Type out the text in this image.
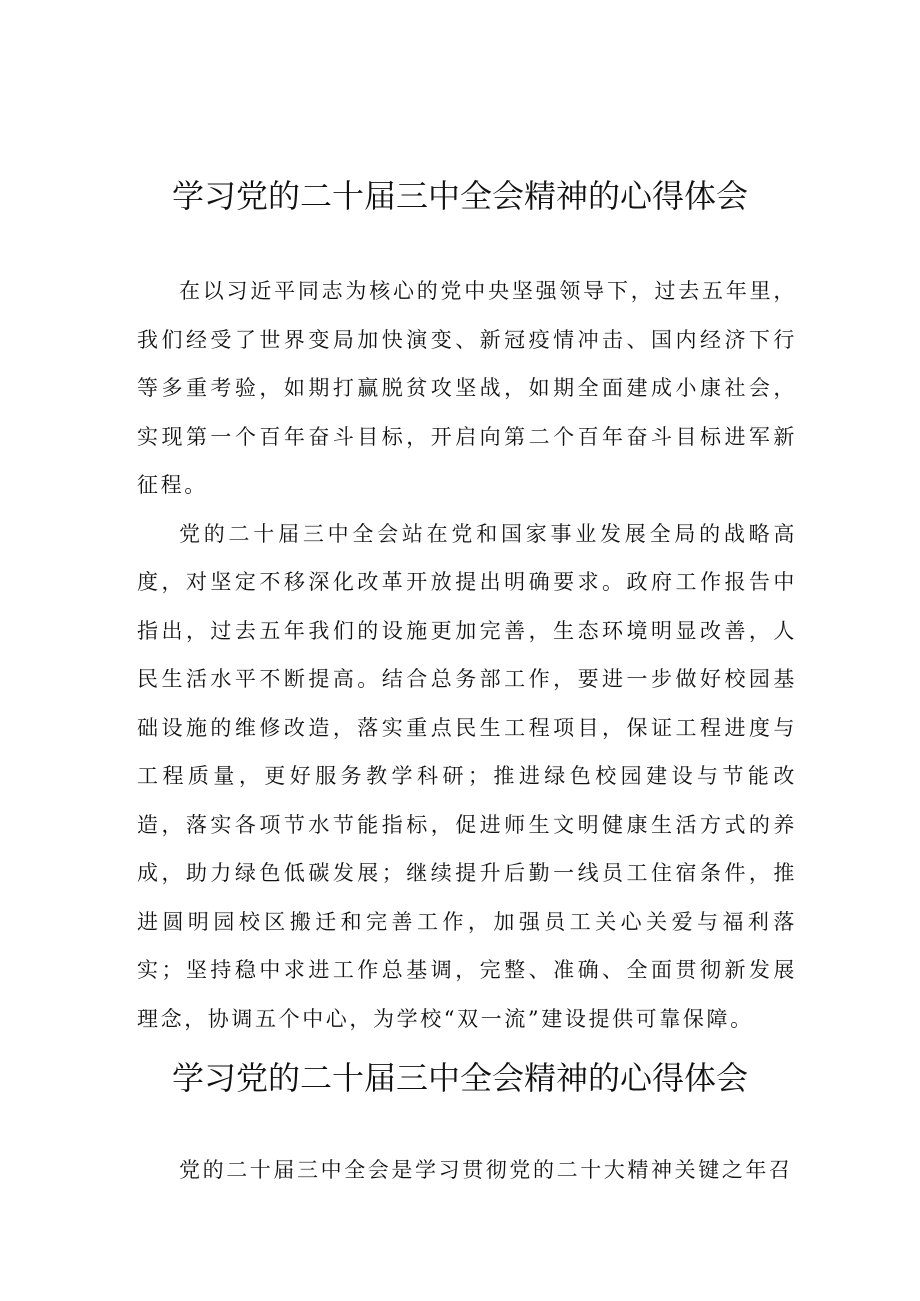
学习党的二十届三中全会精神的心得体会

在以习近平同志为核心的党中央坚强领导下，过去五年里，我们经受了世界变局加快演变、新冠疫情冲击、国内经济下行等多重考验，如期打赢脱贫攻坚战，如期全面建成小康社会，实现第一个百年奋斗目标，开启向第二个百年奋斗目标进军新征程。

党的二十届三中全会站在党和国家事业发展全局的战略高度，对坚定不移深化改革开放提出明确要求。政府工作报告中指出，过去五年我们的设施更加完善，生态环境明显改善，人民生活水平不断提高。结合总务部工作，要进一步做好校园基础设施的维修改造，落实重点民生工程项目，保证工程进度与工程质量，更好服务教学科研；推进绿色校园建设与节能改造，落实各项节水节能指标，促进师生文明健康生活方式的养成，助力绿色低碳发展；继续提升后勤一线员工住宿条件，推进圆明园校区搬迁和完善工作，加强员工关心关爱与福利落实；坚持稳中求进工作总基调，完整、准确、全面贯彻新发展理念，协调五个中心，为学校“双一流”建设提供可靠保障。

学习党的二十届三中全会精神的心得体会

党的二十届三中全会是学习贯彻党的二十大精神关键之年召
